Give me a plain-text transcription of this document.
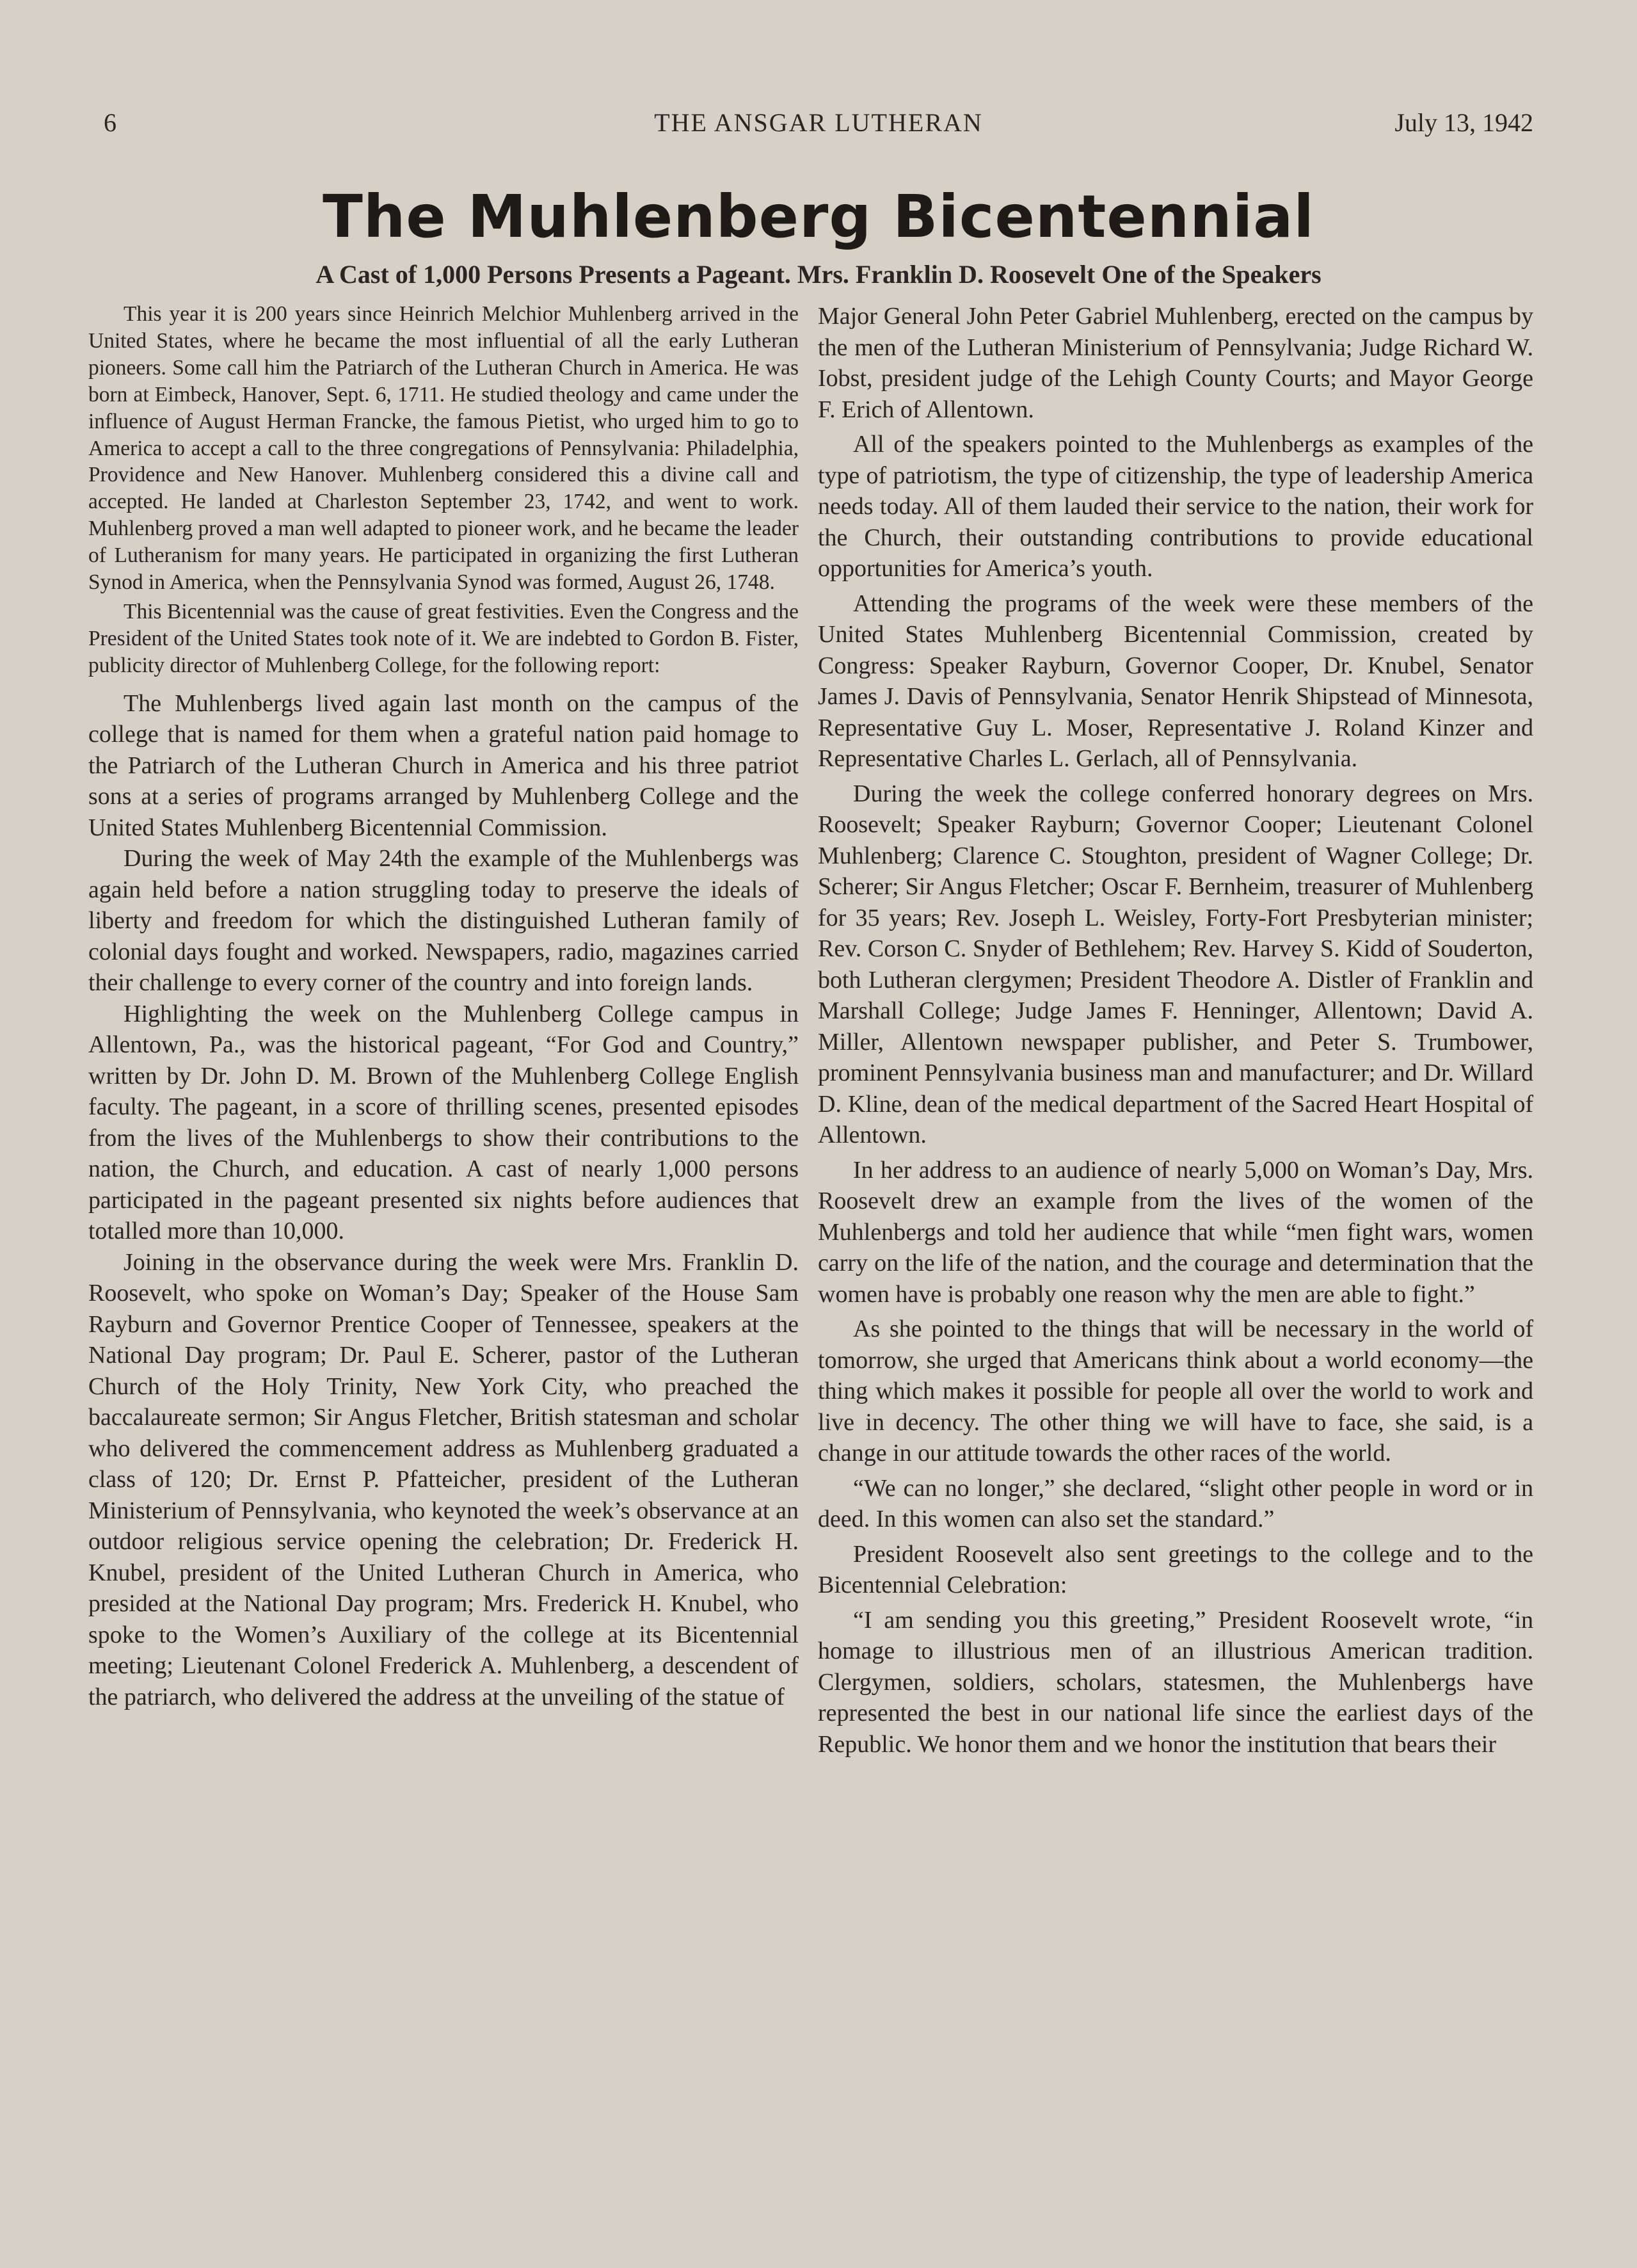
6	THE ANSGAR LUTHERAN	July 13, 1942
The Muhlenberg Bicentennial
A Cast of 1,000 Persons Presents a Pageant. Mrs. Franklin D. Roosevelt One of the Speakers

This year it is 200 years since Heinrich Melchior Muhlenberg arrived in the United States, where he became the most influential of all the early Lutheran pioneers. Some call him the Patriarch of the Lutheran Church in America. He was born at Eimbeck, Hanover, Sept. 6, 1711. He studied theology and came under the influence of August Herman Francke, the famous Pietist, who urged him to go to America to accept a call to the three congregations of Pennsylvania: Philadelphia, Providence and New Hanover. Muhlenberg considered this a divine call and accepted. He landed at Charleston September 23, 1742, and went to work. Muhlenberg proved a man well adapted to pioneer work, and he became the leader of Lutheranism for many years. He participated in organizing the first Lutheran Synod in America, when the Pennsylvania Synod was formed, August 26, 1748.

This Bicentennial was the cause of great festivities. Even the Congress and the President of the United States took note of it. We are indebted to Gordon B. Fister, publicity director of Muhlenberg College, for the following report:

The Muhlenbergs lived again last month on the campus of the college that is named for them when a grateful nation paid homage to the Patriarch of the Lutheran Church in America and his three patriot sons at a series of programs arranged by Muhlenberg College and the United States Muhlenberg Bicentennial Commission.

During the week of May 24th the example of the Muhlenbergs was again held before a nation struggling today to preserve the ideals of liberty and freedom for which the distinguished Lutheran family of colonial days fought and worked. Newspapers, radio, magazines carried their challenge to every corner of the country and into foreign lands.

Highlighting the week on the Muhlenberg College campus in Allentown, Pa., was the historical pageant, “For God and Country,” written by Dr. John D. M. Brown of the Muhlenberg College English faculty. The pageant, in a score of thrilling scenes, presented episodes from the lives of the Muhlenbergs to show their contributions to the nation, the Church, and education. A cast of nearly 1,000 persons participated in the pageant presented six nights before audiences that totalled more than 10,000.

Joining in the observance during the week were Mrs. Franklin D. Roosevelt, who spoke on Woman’s Day; Speaker of the House Sam Rayburn and Governor Prentice Cooper of Tennessee, speakers at the National Day program; Dr. Paul E. Scherer, pastor of the Lutheran Church of the Holy Trinity, New York City, who preached the baccalaureate sermon; Sir Angus Fletcher, British statesman and scholar who delivered the commencement address as Muhlenberg graduated a class of 120; Dr. Ernst P. Pfatteicher, president of the Lutheran Ministerium of Pennsylvania, who keynoted the week’s observance at an outdoor religious service opening the celebration; Dr. Frederick H. Knubel, president of the United Lutheran Church in America, who presided at the National Day program; Mrs. Frederick H. Knubel, who spoke to the Women’s Auxiliary of the college at its Bicentennial meeting; Lieutenant Colonel Frederick A. Muhlenberg, a descendent of the patriarch, who delivered the address at the unveiling of the statue of

Major General John Peter Gabriel Muhlenberg, erected on the campus by the men of the Lutheran Ministerium of Pennsylvania; Judge Richard W. Iobst, president judge of the Lehigh County Courts; and Mayor George F. Erich of Allentown.

All of the speakers pointed to the Muhlenbergs as examples of the type of patriotism, the type of citizenship, the type of leadership America needs today. All of them lauded their service to the nation, their work for the Church, their outstanding contributions to provide educational opportunities for America’s youth.

Attending the programs of the week were these members of the United States Muhlenberg Bicentennial Commission, created by Congress: Speaker Rayburn, Governor Cooper, Dr. Knubel, Senator James J. Davis of Pennsylvania, Senator Henrik Shipstead of Minnesota, Representative Guy L. Moser, Representative J. Roland Kinzer and Representative Charles L. Gerlach, all of Pennsylvania.

During the week the college conferred honorary degrees on Mrs. Roosevelt; Speaker Rayburn; Governor Cooper; Lieutenant Colonel Muhlenberg; Clarence C. Stoughton, president of Wagner College; Dr. Scherer; Sir Angus Fletcher; Oscar F. Bernheim, treasurer of Muhlenberg for 35 years; Rev. Joseph L. Weisley, Forty-Fort Presbyterian minister; Rev. Corson C. Snyder of Bethlehem; Rev. Harvey S. Kidd of Souderton, both Lutheran clergymen; President Theodore A. Distler of Franklin and Marshall College; Judge James F. Henninger, Allentown; David A. Miller, Allentown newspaper publisher, and Peter S. Trumbower, prominent Pennsylvania business man and manufacturer; and Dr. Willard D. Kline, dean of the medical department of the Sacred Heart Hospital of Allentown.

In her address to an audience of nearly 5,000 on Woman’s Day, Mrs. Roosevelt drew an example from the lives of the women of the Muhlenbergs and told her audience that while “men fight wars, women carry on the life of the nation, and the courage and determination that the women have is probably one reason why the men are able to fight.”

As she pointed to the things that will be necessary in the world of tomorrow, she urged that Americans think about a world economy—the thing which makes it possible for people all over the world to work and live in decency. The other thing we will have to face, she said, is a change in our attitude towards the other races of the world.

“We can no longer,” she declared, “slight other people in word or in deed. In this women can also set the standard.”

President Roosevelt also sent greetings to the college and to the Bicentennial Celebration:

“I am sending you this greeting,” President Roosevelt wrote, “in homage to illustrious men of an illustrious American tradition. Clergymen, soldiers, scholars, statesmen, the Muhlenbergs have represented the best in our national life since the earliest days of the Republic. We honor them and we honor the institution that bears their
